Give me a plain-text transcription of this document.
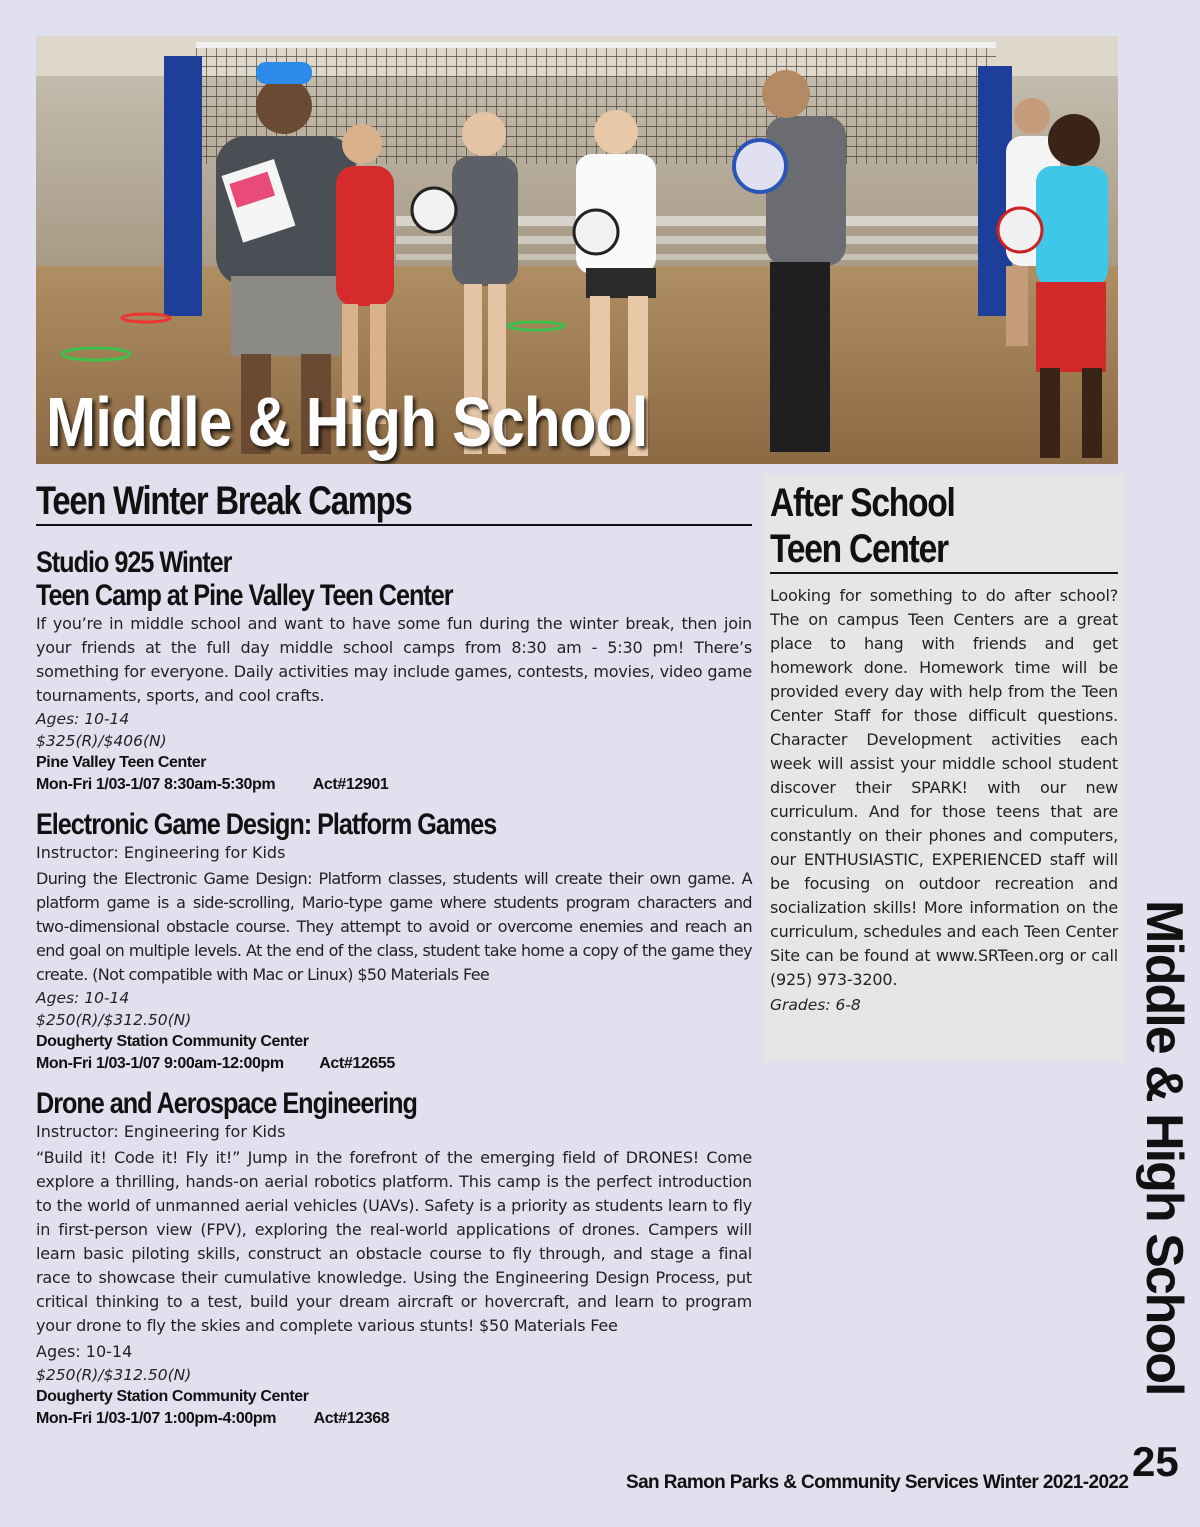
Middle & High School
Teen Winter Break Camps
Studio 925 Winter
Teen Camp at Pine Valley Teen Center
If you’re in middle school and want to have some fun during the winter break, then join your friends at the full day middle school camps from 8:30 am - 5:30 pm! There’s something for everyone. Daily activities may include games, contests, movies, video game tournaments, sports, and cool crafts.
Ages: 10-14
$325(R)/$406(N)
Pine Valley Teen Center
Mon-Fri 1/03-1/07 8:30am-5:30pm Act#12901
Electronic Game Design: Platform Games
Instructor: Engineering for Kids
During the Electronic Game Design: Platform classes, students will create their own game. A platform game is a side-scrolling, Mario-type game where students program characters and two-dimensional obstacle course. They attempt to avoid or overcome enemies and reach an end goal on multiple levels. At the end of the class, student take home a copy of the game they create. (Not compatible with Mac or Linux) $50 Materials Fee
Ages: 10-14
$250(R)/$312.50(N)
Dougherty Station Community Center
Mon-Fri 1/03-1/07 9:00am-12:00pm Act#12655
Drone and Aerospace Engineering
Instructor: Engineering for Kids
“Build it! Code it! Fly it!” Jump in the forefront of the emerging field of DRONES! Come explore a thrilling, hands-on aerial robotics platform. This camp is the perfect introduction to the world of unmanned aerial vehicles (UAVs). Safety is a priority as students learn to fly in first-person view (FPV), exploring the real-world applications of drones. Campers will learn basic piloting skills, construct an obstacle course to fly through, and stage a final race to showcase their cumulative knowledge. Using the Engineering Design Process, put critical thinking to a test, build your dream aircraft or hovercraft, and learn to program your drone to fly the skies and complete various stunts! $50 Materials Fee
Ages: 10-14
$250(R)/$312.50(N)
Dougherty Station Community Center
Mon-Fri 1/03-1/07 1:00pm-4:00pm Act#12368
After School
Teen Center
Looking for something to do after school? The on campus Teen Centers are a great place to hang with friends and get homework done. Homework time will be provided every day with help from the Teen Center Staff for those difficult questions. Character Development activities each week will assist your middle school student discover their SPARK! with our new curriculum. And for those teens that are constantly on their phones and computers, our ENTHUSIASTIC, EXPERIENCED staff will be focusing on outdoor recreation and socialization skills! More information on the curriculum, schedules and each Teen Center Site can be found at www.SRTeen.org or call (925) 973-3200.
Grades: 6-8	Middle & High School
San Ramon Parks & Community Services Winter 2021-2022 25
